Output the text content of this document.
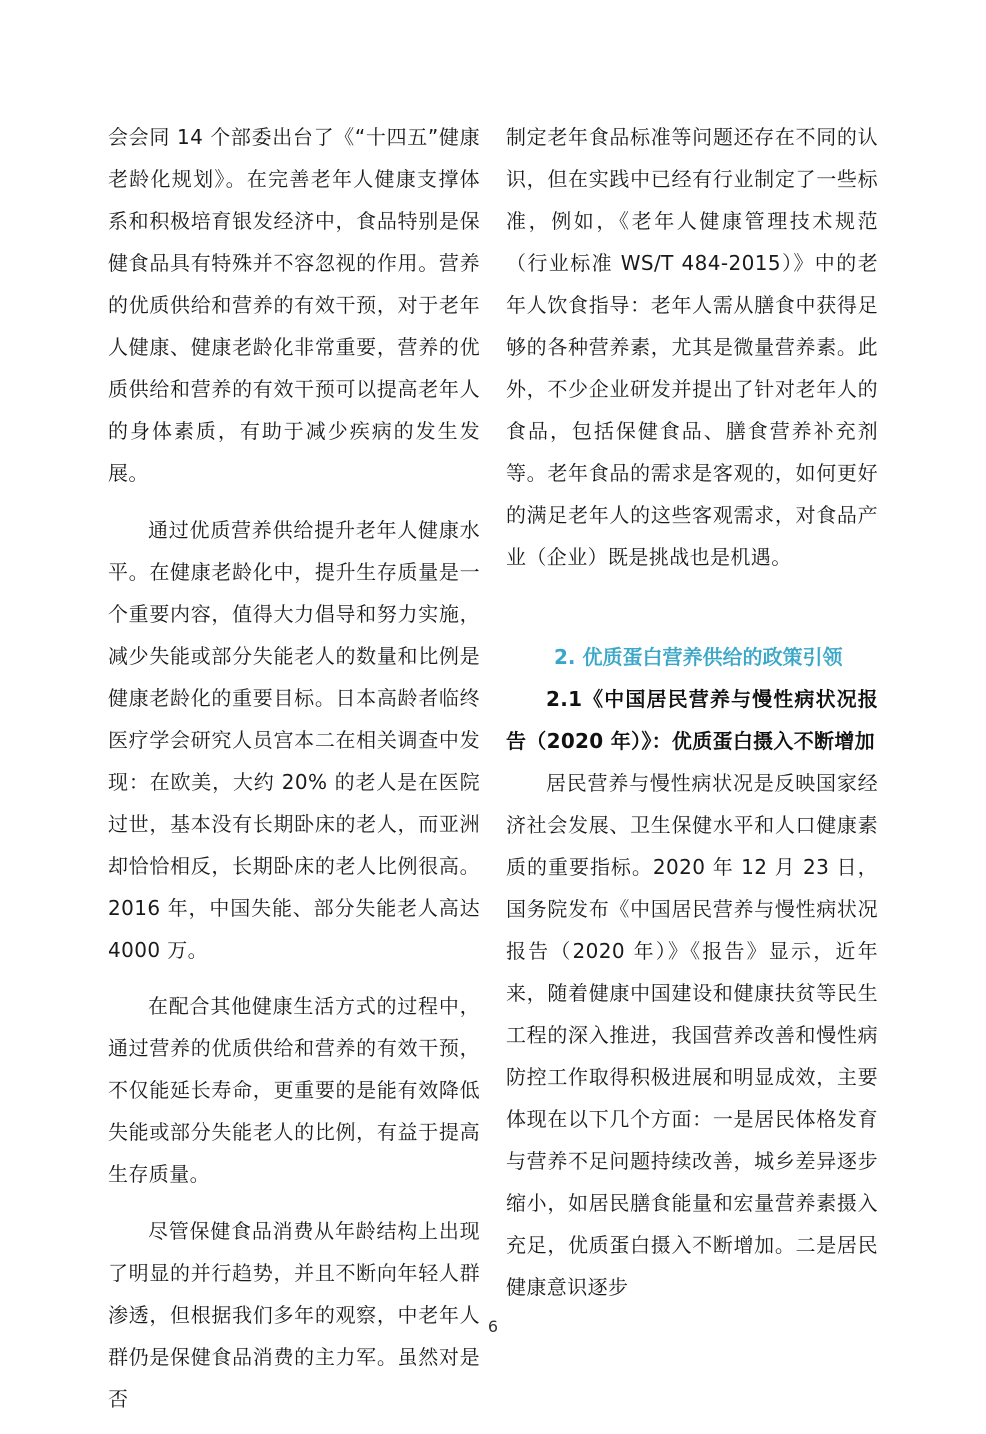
会会同 14 个部委出台了《“十四五”健康老龄化规划》。在完善老年人健康支撑体系和积极培育银发经济中，食品特别是保健食品具有特殊并不容忽视的作用。营养的优质供给和营养的有效干预，对于老年人健康、健康老龄化非常重要，营养的优质供给和营养的有效干预可以提高老年人的身体素质，有助于减少疾病的发生发展。

通过优质营养供给提升老年人健康水平。在健康老龄化中，提升生存质量是一个重要内容，值得大力倡导和努力实施，减少失能或部分失能老人的数量和比例是健康老龄化的重要目标。日本高龄者临终医疗学会研究人员宫本二在相关调查中发现：在欧美，大约 20% 的老人是在医院过世，基本没有长期卧床的老人，而亚洲却恰恰相反，长期卧床的老人比例很高。2016 年，中国失能、部分失能老人高达 4000 万。

在配合其他健康生活方式的过程中，通过营养的优质供给和营养的有效干预，不仅能延长寿命，更重要的是能有效降低失能或部分失能老人的比例，有益于提高生存质量。

尽管保健食品消费从年龄结构上出现了明显的并行趋势，并且不断向年轻人群渗透，但根据我们多年的观察，中老年人群仍是保健食品消费的主力军。虽然对是否

制定老年食品标准等问题还存在不同的认识，但在实践中已经有行业制定了一些标准，例如，《老年人健康管理技术规范（行业标准 WS/T 484-2015）》中的老年人饮食指导：老年人需从膳食中获得足够的各种营养素，尤其是微量营养素。此外，不少企业研发并提出了针对老年人的食品，包括保健食品、膳食营养补充剂等。老年食品的需求是客观的，如何更好的满足老年人的这些客观需求，对食品产业（企业）既是挑战也是机遇。

2. 优质蛋白营养供给的政策引领

2.1《中国居民营养与慢性病状况报告（2020 年）》：优质蛋白摄入不断增加

居民营养与慢性病状况是反映国家经济社会发展、卫生保健水平和人口健康素质的重要指标。2020 年 12 月 23 日，国务院发布《中国居民营养与慢性病状况报告（2020 年）》《报告》显示，近年来，随着健康中国建设和健康扶贫等民生工程的深入推进，我国营养改善和慢性病防控工作取得积极进展和明显成效，主要体现在以下几个方面：一是居民体格发育与营养不足问题持续改善，城乡差异逐步缩小，如居民膳食能量和宏量营养素摄入充足，优质蛋白摄入不断增加。二是居民健康意识逐步

6
